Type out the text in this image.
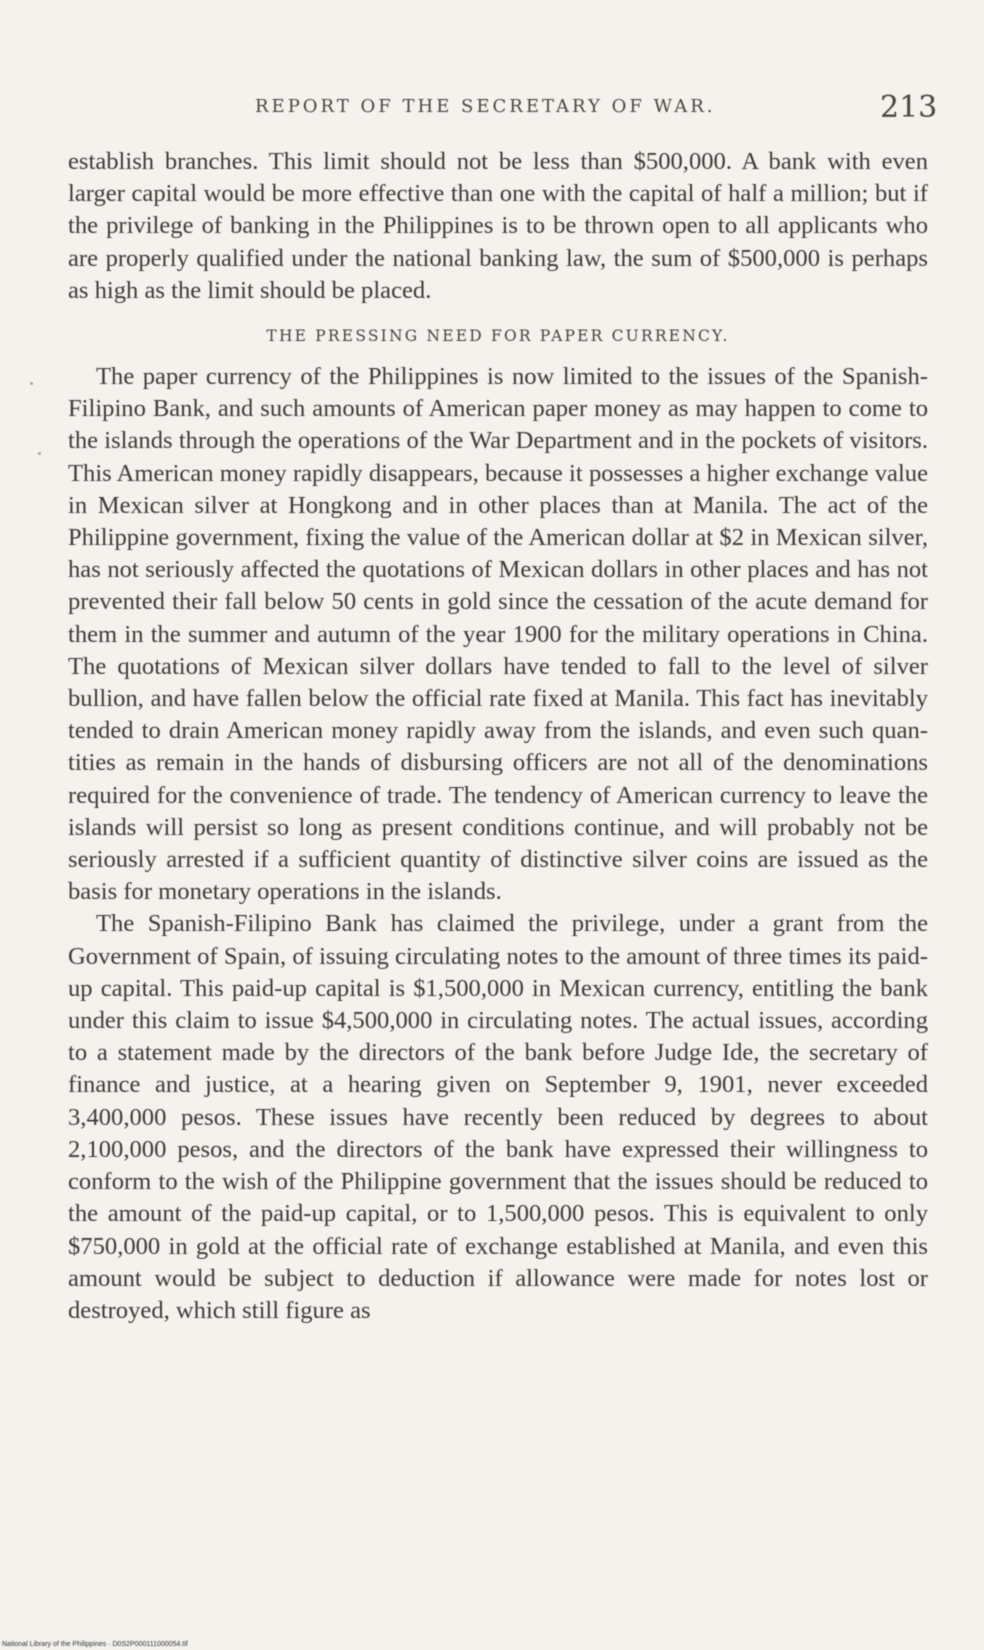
REPORT OF THE SECRETARY OF WAR.	213

establish branches. This limit should not be less than $500,000. A bank with even larger capital would be more effective than one with the capital of half a million; but if the privilege of banking in the Philippines is to be thrown open to all applicants who are properly qualified under the national banking law, the sum of $500,000 is perhaps as high as the limit should be placed.

THE PRESSING NEED FOR PAPER CURRENCY.

The paper currency of the Philippines is now limited to the issues of the Spanish-Filipino Bank, and such amounts of American paper money as may happen to come to the islands through the operations of the War Department and in the pockets of visitors. This American money rapidly disappears, because it possesses a higher exchange value in Mexican silver at Hongkong and in other places than at Manila. The act of the Philippine government, fixing the value of the American dollar at $2 in Mexican silver, has not seriously affected the quotations of Mexican dollars in other places and has not prevented their fall below 50 cents in gold since the cessation of the acute demand for them in the summer and autumn of the year 1900 for the military operations in China. The quotations of Mexican silver dollars have tended to fall to the level of silver bullion, and have fallen below the official rate fixed at Manila. This fact has inevitably tended to drain American money rapidly away from the islands, and even such quantities as remain in the hands of disbursing officers are not all of the denominations required for the convenience of trade. The tendency of American currency to leave the islands will persist so long as present conditions continue, and will probably not be seriously arrested if a sufficient quantity of distinctive silver coins are issued as the basis for monetary operations in the islands.

The Spanish-Filipino Bank has claimed the privilege, under a grant from the Government of Spain, of issuing circulating notes to the amount of three times its paid-up capital. This paid-up capital is $1,500,000 in Mexican currency, entitling the bank under this claim to issue $4,500,000 in circulating notes. The actual issues, according to a statement made by the directors of the bank before Judge Ide, the secretary of finance and justice, at a hearing given on September 9, 1901, never exceeded 3,400,000 pesos. These issues have recently been reduced by degrees to about 2,100,000 pesos, and the directors of the bank have expressed their willingness to conform to the wish of the Philippine government that the issues should be reduced to the amount of the paid-up capital, or to 1,500,000 pesos. This is equivalent to only $750,000 in gold at the official rate of exchange established at Manila, and even this amount would be subject to deduction if allowance were made for notes lost or destroyed, which still figure as

National Library of the Philippines · D0S2P000111000054.tif
